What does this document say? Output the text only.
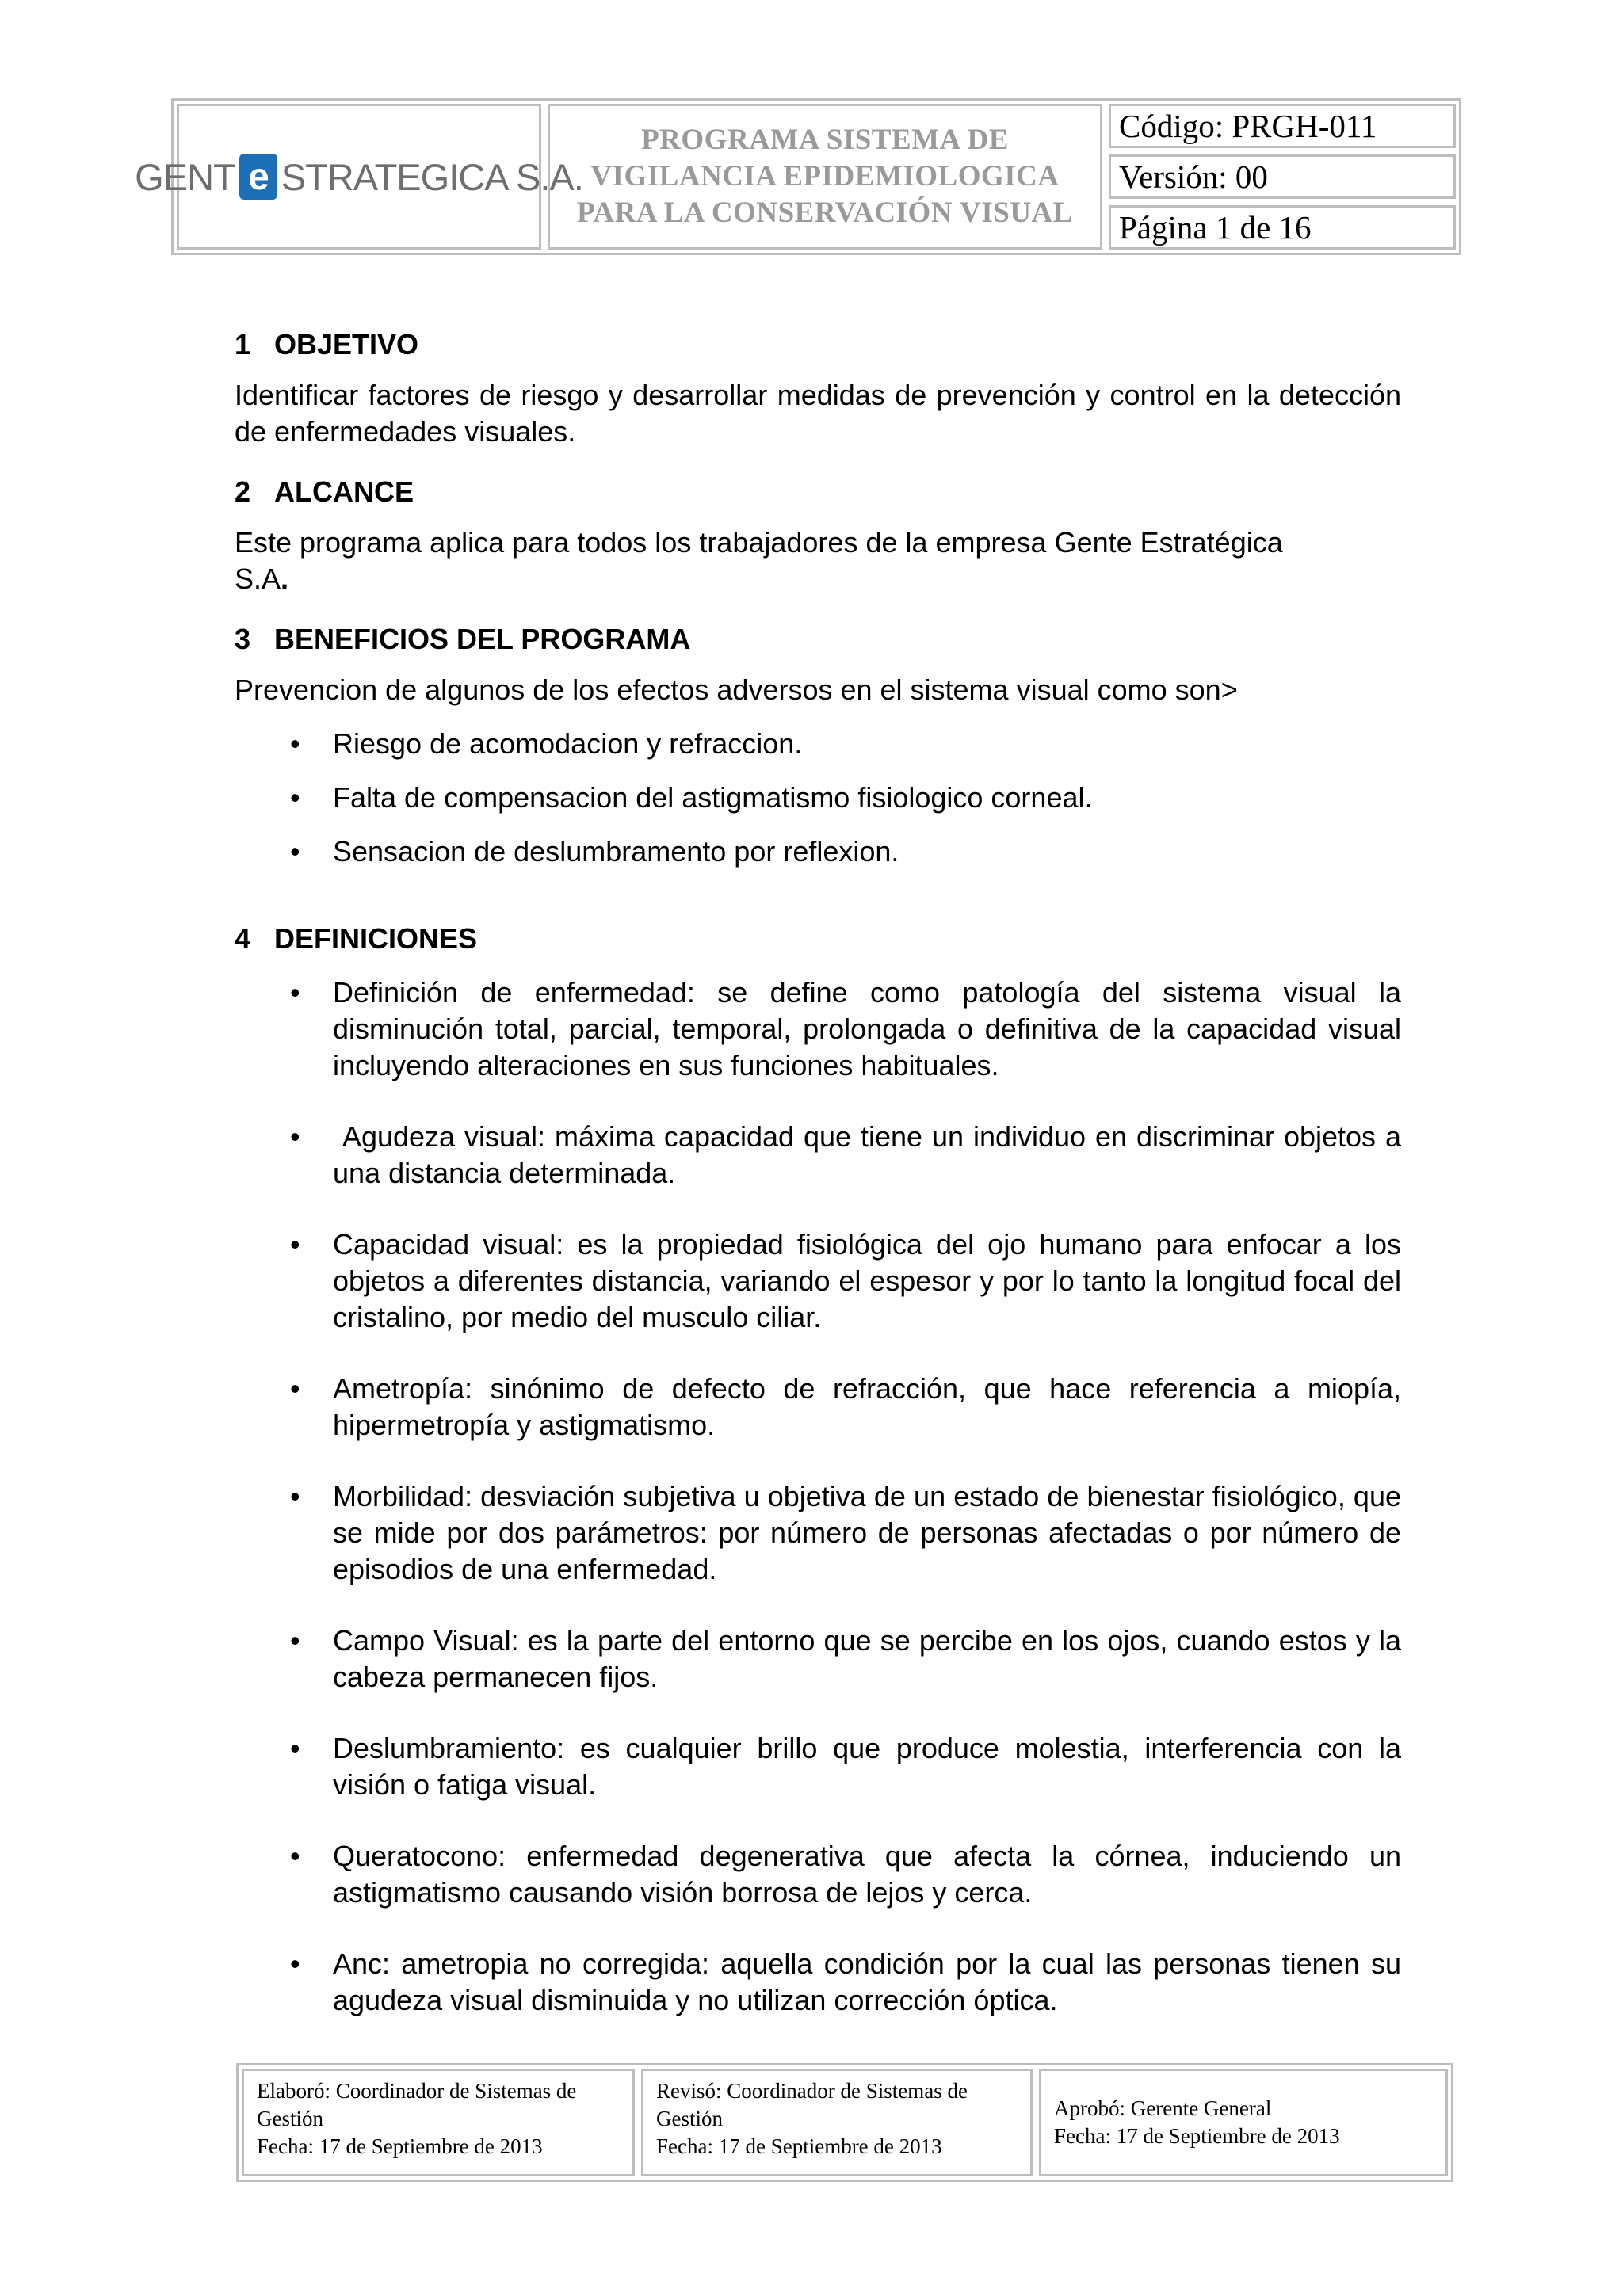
GENT e STRATEGICA S.A.
PROGRAMA SISTEMA DE
VIGILANCIA EPIDEMIOLOGICA
PARA LA CONSERVACIÓN VISUAL
Código: PRGH-011
Versión: 00
Página 1 de 16
1 OBJETIVO

Identificar factores de riesgo y desarrollar medidas de prevención y control en la detección de enfermedades visuales.

2 ALCANCE
Este programa aplica para todos los trabajadores de la empresa Gente Estratégica
S.A.
3 BENEFICIOS DEL PROGRAMA

Prevencion de algunos de los efectos adversos en el sistema visual como son>

• Riesgo de acomodacion y refraccion.
• Falta de compensacion del astigmatismo fisiologico corneal.
• Sensacion de deslumbramento por reflexion.
4 DEFINICIONES
• Definición de enfermedad: se define como patología del sistema visual la disminución total, parcial, temporal, prolongada o definitiva de la capacidad visual incluyendo alteraciones en sus funciones habituales.
• Agudeza visual: máxima capacidad que tiene un individuo en discriminar objetos a una distancia determinada.
• Capacidad visual: es la propiedad fisiológica del ojo humano para enfocar a los objetos a diferentes distancia, variando el espesor y por lo tanto la longitud focal del cristalino, por medio del musculo ciliar.
• Ametropía: sinónimo de defecto de refracción, que hace referencia a miopía, hipermetropía y astigmatismo.
• Morbilidad: desviación subjetiva u objetiva de un estado de bienestar fisiológico, que se mide por dos parámetros: por número de personas afectadas o por número de episodios de una enfermedad.
• Campo Visual: es la parte del entorno que se percibe en los ojos, cuando estos y la cabeza permanecen fijos.
• Deslumbramiento: es cualquier brillo que produce molestia, interferencia con la visión o fatiga visual.
• Queratocono: enfermedad degenerativa que afecta la córnea, induciendo un astigmatismo causando visión borrosa de lejos y cerca.
• Anc: ametropia no corregida: aquella condición por la cual las personas tienen su agudeza visual disminuida y no utilizan corrección óptica.
Elaboró: Coordinador de Sistemas de
Gestión
Fecha: 17 de Septiembre de 2013
Revisó: Coordinador de Sistemas de
Gestión
Fecha: 17 de Septiembre de 2013
Aprobó: Gerente General
Fecha: 17 de Septiembre de 2013
